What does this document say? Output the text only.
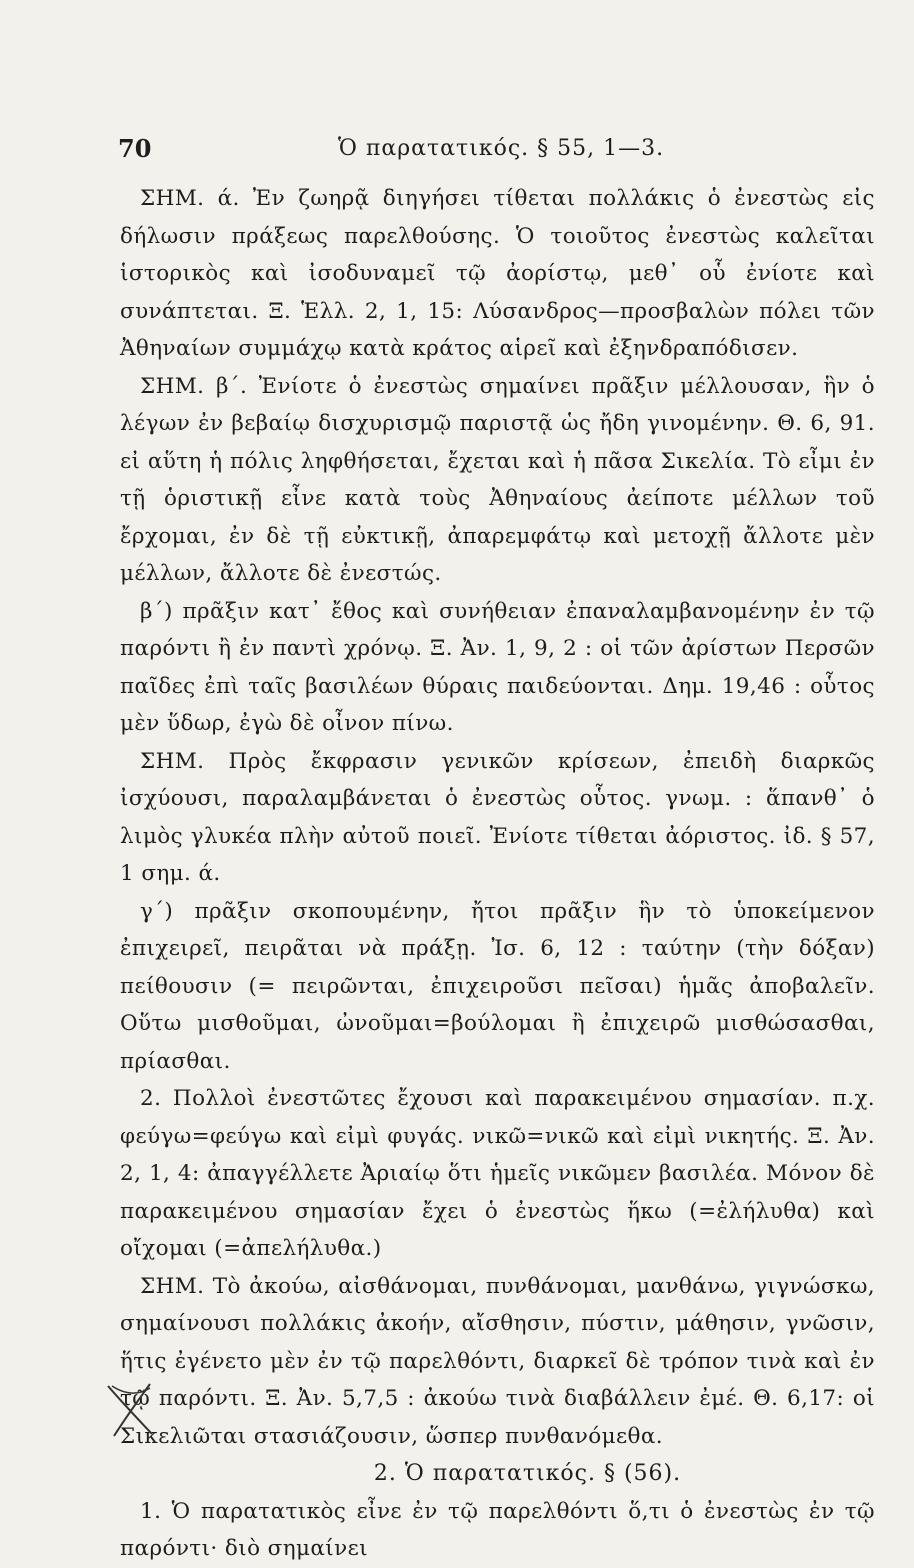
70	Ὁ παρατατικός. § 55, 1—3.

ΣΗΜ. ά. Ἐν ζωηρᾷ διηγήσει τίθεται πολλάκις ὁ ἐνεστὼς εἰς δήλωσιν πράξεως παρελθούσης. Ὁ τοιοῦτος ἐνεστὼς καλεῖται ἱστορικὸς καὶ ἰσοδυναμεῖ τῷ ἀορίστῳ, μεθ᾽ οὗ ἐνίοτε καὶ συνάπτεται. Ξ. Ἑλλ. 2, 1, 15: Λύσανδρος—προσβαλὼν πόλει τῶν Ἀθηναίων συμμάχῳ κατὰ κράτος αἱρεῖ καὶ ἐξηνδραπόδισεν.

ΣΗΜ. β΄. Ἐνίοτε ὁ ἐνεστὼς σημαίνει πρᾶξιν μέλλουσαν, ἣν ὁ λέγων ἐν βεβαίῳ δισχυρισμῷ παριστᾷ ὡς ἤδη γινομένην. Θ. 6, 91. εἰ αὕτη ἡ πόλις ληφθήσεται, ἔχεται καὶ ἡ πᾶσα Σικελία. Τὸ εἶμι ἐν τῇ ὁριστικῇ εἶνε κατὰ τοὺς Ἀθηναίους ἀείποτε μέλλων τοῦ ἔρχομαι, ἐν δὲ τῇ εὐκτικῇ, ἀπαρεμφάτῳ καὶ μετοχῇ ἄλλοτε μὲν μέλλων, ἄλλοτε δὲ ἐνεστώς.

β΄) πρᾶξιν κατ᾽ ἔθος καὶ συνήθειαν ἐπαναλαμβανομένην ἐν τῷ παρόντι ἢ ἐν παντὶ χρόνῳ. Ξ. Ἀν. 1, 9, 2 : οἱ τῶν ἀρίστων Περσῶν παῖδες ἐπὶ ταῖς βασιλέων θύραις παιδεύονται. Δημ. 19,46 : οὗτος μὲν ὕδωρ, ἐγὼ δὲ οἶνον πίνω.

ΣΗΜ. Πρὸς ἔκφρασιν γενικῶν κρίσεων, ἐπειδὴ διαρκῶς ἰσχύουσι, παραλαμβάνεται ὁ ἐνεστὼς οὗτος. γνωμ. : ἅπανθ᾽ ὁ λιμὸς γλυκέα πλὴν αὐτοῦ ποιεῖ. Ἐνίοτε τίθεται ἀόριστος. ἰδ. § 57, 1 σημ. ά.

γ΄) πρᾶξιν σκοπουμένην, ἤτοι πρᾶξιν ἣν τὸ ὑποκείμενον ἐπιχειρεῖ, πειρᾶται νὰ πράξῃ. Ἰσ. 6, 12 : ταύτην (τὴν δόξαν) πείθουσιν (= πειρῶνται, ἐπιχειροῦσι πεῖσαι) ἡμᾶς ἀποβαλεῖν. Οὕτω μισθοῦμαι, ὠνοῦμαι=βούλομαι ἢ ἐπιχειρῶ μισθώσασθαι, πρίασθαι.

2. Πολλοὶ ἐνεστῶτες ἔχουσι καὶ παρακειμένου σημασίαν. π.χ. φεύγω=φεύγω καὶ εἰμὶ φυγάς. νικῶ=νικῶ καὶ εἰμὶ νικητής. Ξ. Ἀν. 2, 1, 4: ἀπαγγέλλετε Ἀριαίῳ ὅτι ἡμεῖς νικῶμεν βασιλέα. Μόνον δὲ παρακειμένου σημασίαν ἔχει ὁ ἐνεστὼς ἥκω (=ἐλήλυθα) καὶ οἴχομαι (=ἀπελήλυθα.)

ΣΗΜ. Τὸ ἀκούω, αἰσθάνομαι, πυνθάνομαι, μανθάνω, γιγνώσκω, σημαίνουσι πολλάκις ἀκοήν, αἴσθησιν, πύστιν, μάθησιν, γνῶσιν, ἥτις ἐγένετο μὲν ἐν τῷ παρελθόντι, διαρκεῖ δὲ τρόπον τινὰ καὶ ἐν τῷ παρόντι. Ξ. Ἀν. 5,7,5 : ἀκούω τινὰ διαβάλλειν ἐμέ. Θ. 6,17: οἱ Σικελιῶται στασιάζουσιν, ὥσπερ πυνθανόμεθα.

2. Ὁ παρατατικός. § (56).

1. Ὁ παρατατικὸς εἶνε ἐν τῷ παρελθόντι ὅ,τι ὁ ἐνεστὼς ἐν τῷ παρόντι· διὸ σημαίνει
